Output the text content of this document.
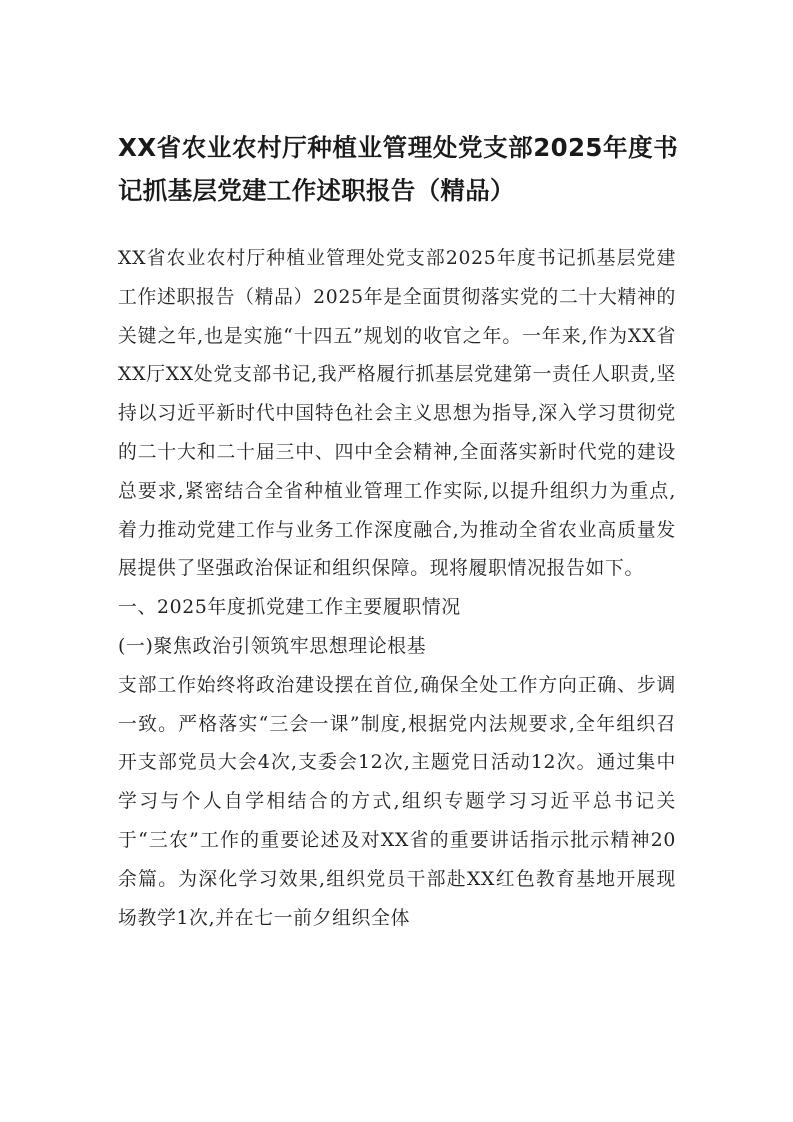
XX省农业农村厅种植业管理处党支部2025年度书记抓基层党建工作述职报告（精品）

XX省农业农村厅种植业管理处党支部2025年度书记抓基层党建工作述职报告（精品）2025年是全面贯彻落实党的二十大精神的关键之年,也是实施“十四五”规划的收官之年。一年来,作为XX省XX厅XX处党支部书记,我严格履行抓基层党建第一责任人职责,坚持以习近平新时代中国特色社会主义思想为指导,深入学习贯彻党的二十大和二十届三中、四中全会精神,全面落实新时代党的建设总要求,紧密结合全省种植业管理工作实际,以提升组织力为重点,着力推动党建工作与业务工作深度融合,为推动全省农业高质量发展提供了坚强政治保证和组织保障。现将履职情况报告如下。

一、2025年度抓党建工作主要履职情况

(一)聚焦政治引领筑牢思想理论根基

支部工作始终将政治建设摆在首位,确保全处工作方向正确、步调一致。严格落实“三会一课”制度,根据党内法规要求,全年组织召开支部党员大会4次,支委会12次,主题党日活动12次。通过集中学习与个人自学相结合的方式,组织专题学习习近平总书记关于“三农”工作的重要论述及对XX省的重要讲话指示批示精神20余篇。为深化学习效果,组织党员干部赴XX红色教育基地开展现场教学1次,并在七一前夕组织全体
